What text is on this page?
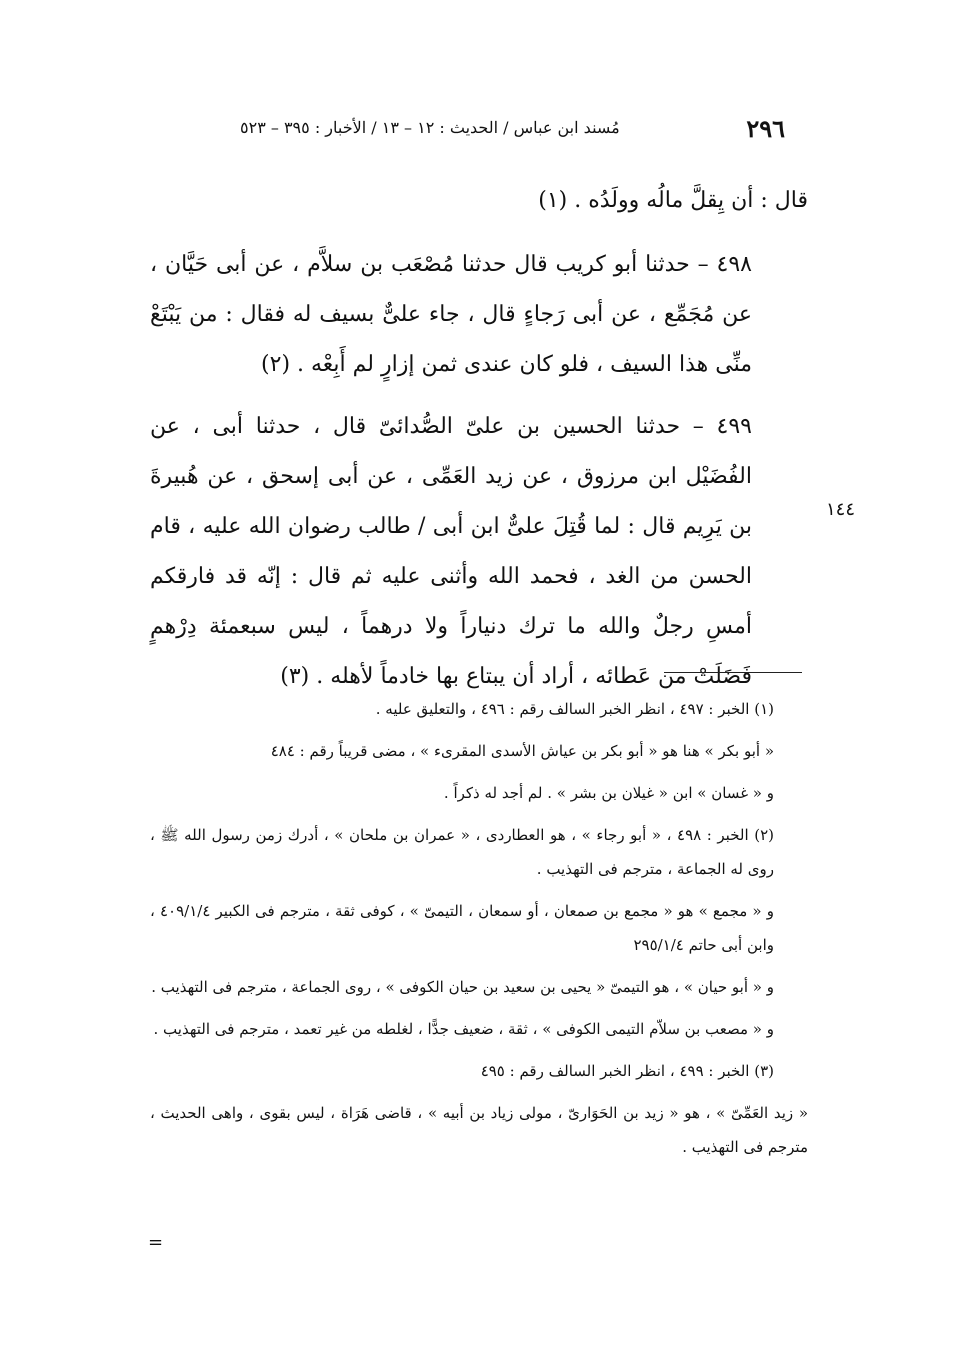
٢٩٦
مُسند ابن عباس / الحديث : ١٢ – ١٣ / الأخبار : ٣٩٥ – ٥٢٣

قال : أن يِقلَّ مالُه وولَدُه . (١)

٤٩٨ – حدثنا أبو كريب قال حدثنا مُصْعَب بن سلاَّم ، عن أبى حَيَّان ، عن مُجَمِّع ، عن أبى رَجاءٍ قال ، جاء علىٌّ بسيف له فقال : من يَبْتَعْ منِّى هذا السيف ، فلو كان عندى ثمن إزارٍ لم أَبِعْه . (٢)

٤٩٩ – حدثنا الحسين بن علىّ الصُّدائىّ قال ، حدثنا أبى ، عن الفُضَيْل ابن مرزوق ، عن زيد العَمِّى ، عن أبى إسحق ، عن هُبيرةَ بن يَرِيم قال : لما قُتِلَ علىٌّ ابن أبى / طالب رضوان الله عليه ، قام الحسن من الغد ، فحمد الله وأثنى عليه ثم قال : إنّه قد فارقكم أمسِ رجلٌ والله ما ترك دنياراً ولا درهماً ، ليس سبعمئة دِرْهمٍ فَضَلَتْ من عَطائه ، أراد أن يبتاع بها خادماً لأهله . (٣)

١٤٤

(١) الخبر : ٤٩٧ ، انظر الخبر السالف رقم : ٤٩٦ ، والتعليق عليه .

« أبو بكر » هنا هو « أبو بكر بن عياش الأسدى المقرىء » ، مضى قريباً رقم : ٤٨٤

و « غسان » ابن « غيلان بن بشر » . لم أجد له ذكراً .

(٢) الخبر : ٤٩٨ ، « أبو رجاء » ، هو العطاردى ، « عمران بن ملحان » ، أدرك زمن رسول الله ﷺ ، روى له الجماعة ، مترجم فى التهذيب .

و « مجمع » هو « مجمع بن صمعان ، أو سمعان ، التيمىّ » ، كوفى ثقة ، مترجم فى الكبير ٤٠٩/١/٤ ، وابن أبى حاتم ٢٩٥/١/٤

و « أبو حيان » ، هو التيمىّ « يحيى بن سعيد بن حيان الكوفى » ، روى الجماعة ، مترجم فى التهذيب .

و « مصعب بن سلاّم التيمى الكوفى » ، ثقة ، ضعيف جدًّا ، لغلطه من غير تعمد ، مترجم فى التهذيب .

(٣) الخبر : ٤٩٩ ، انظر الخبر السالف رقم : ٤٩٥

« زيد العَمِّىّ » ، هو « زيد بن الحَوَارىّ ، مولى زياد بن أبيه » ، قاضى هَرَاة ، ليس بقوى ، واهى الحديث ، مترجم فى التهذيب .

=
